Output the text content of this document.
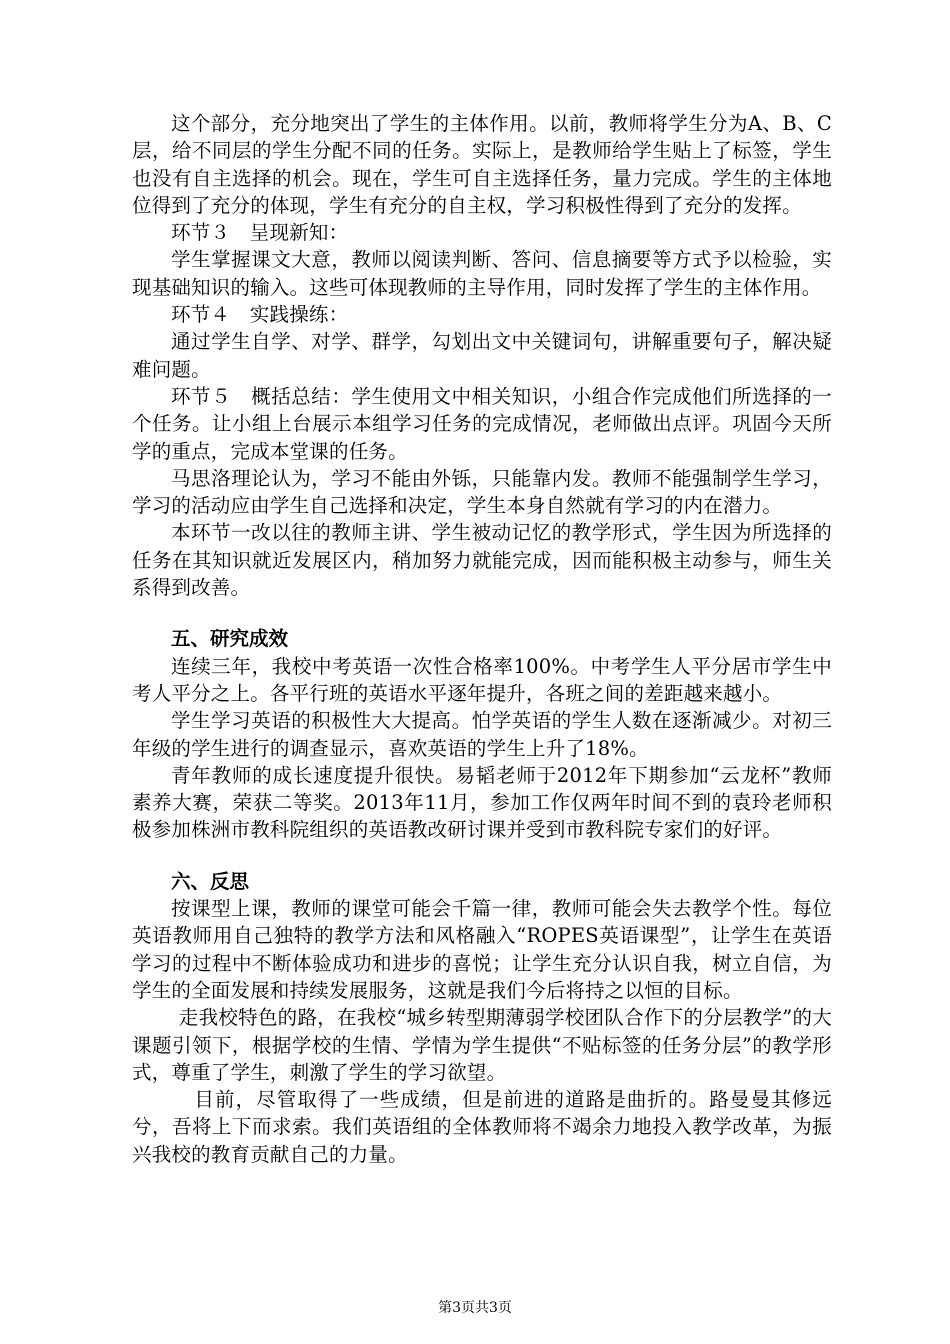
这个部分，充分地突出了学生的主体作用。以前，教师将学生分为A、B、C层，给不同层的学生分配不同的任务。实际上，是教师给学生贴上了标签，学生也没有自主选择的机会。现在，学生可自主选择任务，量力完成。学生的主体地位得到了充分的体现，学生有充分的自主权，学习积极性得到了充分的发挥。

环节３　呈现新知：

学生掌握课文大意，教师以阅读判断、答问、信息摘要等方式予以检验，实现基础知识的输入。这些可体现教师的主导作用，同时发挥了学生的主体作用。

环节４　实践操练：

通过学生自学、对学、群学，勾划出文中关键词句，讲解重要句子，解决疑难问题。

环节５　概括总结：学生使用文中相关知识，小组合作完成他们所选择的一个任务。让小组上台展示本组学习任务的完成情况，老师做出点评。巩固今天所学的重点，完成本堂课的任务。

马思洛理论认为，学习不能由外铄，只能靠内发。教师不能强制学生学习，学习的活动应由学生自己选择和决定，学生本身自然就有学习的内在潜力。

本环节一改以往的教师主讲、学生被动记忆的教学形式，学生因为所选择的任务在其知识就近发展区内，稍加努力就能完成，因而能积极主动参与，师生关系得到改善。

五、研究成效

连续三年，我校中考英语一次性合格率100%。中考学生人平分居市学生中考人平分之上。各平行班的英语水平逐年提升，各班之间的差距越来越小。

学生学习英语的积极性大大提高。怕学英语的学生人数在逐渐减少。对初三年级的学生进行的调查显示，喜欢英语的学生上升了18%。

青年教师的成长速度提升很快。易韬老师于2012年下期参加“云龙杯”教师素养大赛，荣获二等奖。2013年11月，参加工作仅两年时间不到的袁玲老师积极参加株洲市教科院组织的英语教改研讨课并受到市教科院专家们的好评。

六、反思

按课型上课，教师的课堂可能会千篇一律，教师可能会失去教学个性。每位英语教师用自己独特的教学方法和风格融入“ROPES英语课型”，让学生在英语学习的过程中不断体验成功和进步的喜悦；让学生充分认识自我，树立自信，为学生的全面发展和持续发展服务，这就是我们今后将持之以恒的目标。

走我校特色的路，在我校“城乡转型期薄弱学校团队合作下的分层教学”的大课题引领下，根据学校的生情、学情为学生提供“不贴标签的任务分层”的教学形式，尊重了学生，刺激了学生的学习欲望。

目前，尽管取得了一些成绩，但是前进的道路是曲折的。路曼曼其修远兮，吾将上下而求索。我们英语组的全体教师将不竭余力地投入教学改革，为振兴我校的教育贡献自己的力量。

第3页共3页
